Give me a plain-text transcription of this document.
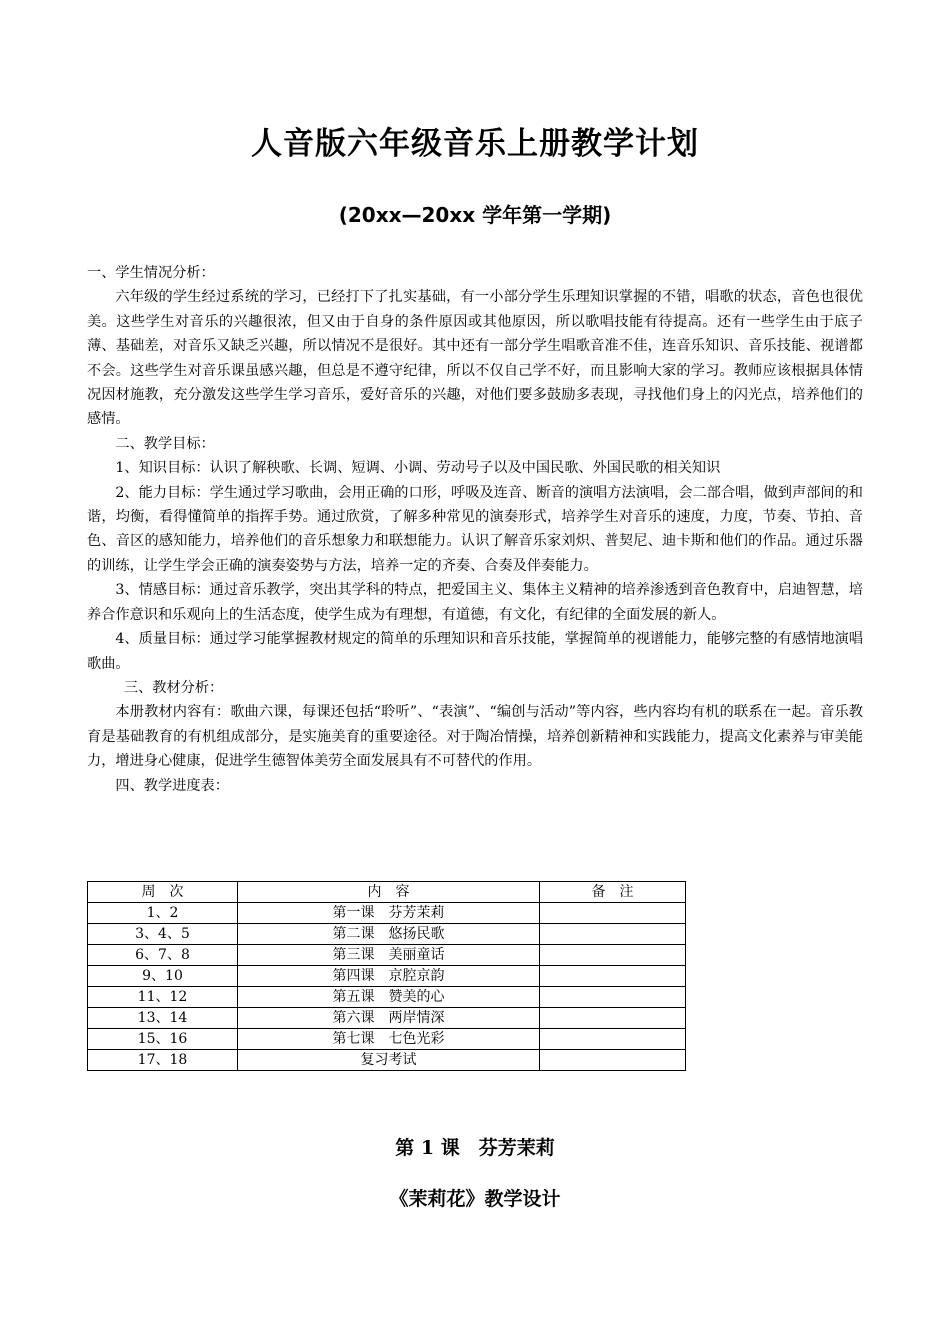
人音版六年级音乐上册教学计划
(20xx—20xx 学年第一学期)

一、学生情况分析：

六年级的学生经过系统的学习，已经打下了扎实基础，有一小部分学生乐理知识掌握的不错，唱歌的状态，音色也很优美。这些学生对音乐的兴趣很浓，但又由于自身的条件原因或其他原因，所以歌唱技能有待提高。还有一些学生由于底子薄、基础差，对音乐又缺乏兴趣，所以情况不是很好。其中还有一部分学生唱歌音准不佳，连音乐知识、音乐技能、视谱都不会。这些学生对音乐课虽感兴趣，但总是不遵守纪律，所以不仅自己学不好，而且影响大家的学习。教师应该根据具体情况因材施教，充分激发这些学生学习音乐，爱好音乐的兴趣，对他们要多鼓励多表现，寻找他们身上的闪光点，培养他们的感情。

二、教学目标：

1、知识目标：认识了解秧歌、长调、短调、小调、劳动号子以及中国民歌、外国民歌的相关知识

2、能力目标：学生通过学习歌曲，会用正确的口形，呼吸及连音、断音的演唱方法演唱，会二部合唱，做到声部间的和谐，均衡，看得懂简单的指挥手势。通过欣赏，了解多种常见的演奏形式，培养学生对音乐的速度，力度，节奏、节拍、音色、音区的感知能力，培养他们的音乐想象力和联想能力。认识了解音乐家刘炽、普契尼、迪卡斯和他们的作品。通过乐器的训练，让学生学会正确的演奏姿势与方法，培养一定的齐奏、合奏及伴奏能力。

3、情感目标：通过音乐教学，突出其学科的特点，把爱国主义、集体主义精神的培养渗透到音色教育中，启迪智慧，培养合作意识和乐观向上的生活态度，使学生成为有理想，有道德，有文化，有纪律的全面发展的新人。

4、质量目标：通过学习能掌握教材规定的简单的乐理知识和音乐技能，掌握简单的视谱能力，能够完整的有感情地演唱歌曲。

三、教材分析：

本册教材内容有：歌曲六课，每课还包括“聆听”、“表演”、“编创与活动”等内容，些内容均有机的联系在一起。音乐教育是基础教育的有机组成部分，是实施美育的重要途径。对于陶冶情操，培养创新精神和实践能力，提高文化素养与审美能力，增进身心健康，促进学生德智体美劳全面发展具有不可替代的作用。

四、教学进度表：

周　次	内　容	备　注
1、2	第一课　芬芳茉莉	
3、4、5	第二课　悠扬民歌	
6、7、8	第三课　美丽童话	
9、10	第四课　京腔京韵	
11、12	第五课　赞美的心	
13、14	第六课　两岸情深	
15、16	第七课　七色光彩	
17、18	复习考试	
第 1 课　芬芳茉莉
《茉莉花》教学设计
